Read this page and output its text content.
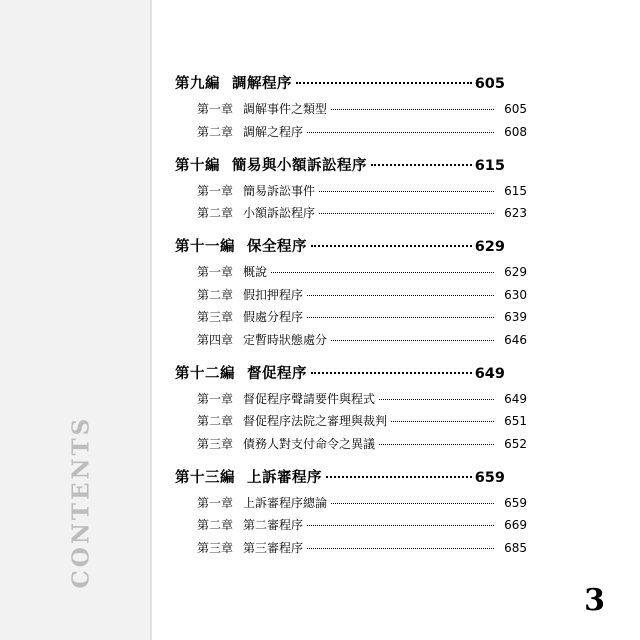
CONTENTS
第九編 調解程序	605
第一章 調解事件之類型	605
第二章 調解之程序	608
第十編 簡易與小額訴訟程序	615
第一章 簡易訴訟事件	615
第二章 小額訴訟程序	623
第十一編 保全程序	629
第一章 概說	629
第二章 假扣押程序	630
第三章 假處分程序	639
第四章 定暫時狀態處分	646
第十二編 督促程序	649
第一章 督促程序聲請要件與程式	649
第二章 督促程序法院之審理與裁判	651
第三章 債務人對支付命令之異議	652
第十三編 上訴審程序	659
第一章 上訴審程序總論	659
第二章 第二審程序	669
第三章 第三審程序	685
3
